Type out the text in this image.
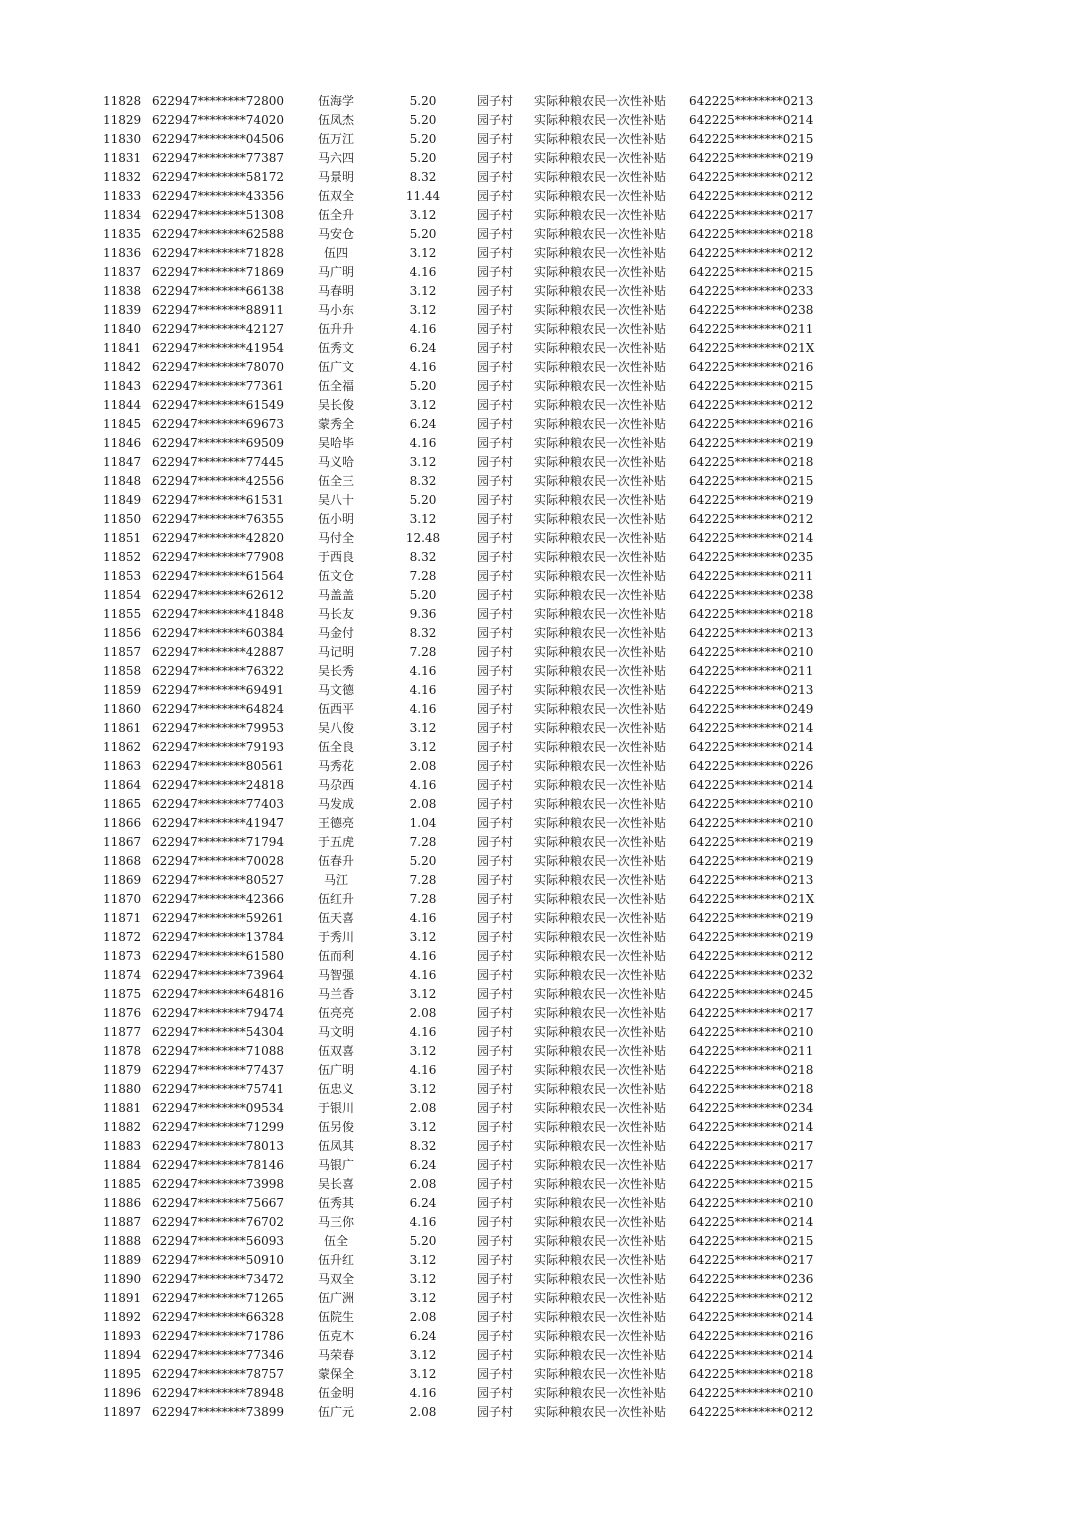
11828 622947********72800	伍海学	5.20	园子村	实际种粮农民一次性补贴	642225********0213
11829 622947********74020	伍凤杰	5.20	园子村	实际种粮农民一次性补贴	642225********0214
11830 622947********04506	伍万江	5.20	园子村	实际种粮农民一次性补贴	642225********0215
11831 622947********77387	马六四	5.20	园子村	实际种粮农民一次性补贴	642225********0219
11832 622947********58172	马景明	8.32	园子村	实际种粮农民一次性补贴	642225********0212
11833 622947********43356	伍双全	11.44	园子村	实际种粮农民一次性补贴	642225********0212
11834 622947********51308	伍全升	3.12	园子村	实际种粮农民一次性补贴	642225********0217
11835 622947********62588	马安仓	5.20	园子村	实际种粮农民一次性补贴	642225********0218
11836 622947********71828	伍四	3.12	园子村	实际种粮农民一次性补贴	642225********0212
11837 622947********71869	马广明	4.16	园子村	实际种粮农民一次性补贴	642225********0215
11838 622947********66138	马春明	3.12	园子村	实际种粮农民一次性补贴	642225********0233
11839 622947********88911	马小东	3.12	园子村	实际种粮农民一次性补贴	642225********0238
11840 622947********42127	伍升升	4.16	园子村	实际种粮农民一次性补贴	642225********0211
11841 622947********41954	伍秀文	6.24	园子村	实际种粮农民一次性补贴	642225********021X
11842 622947********78070	伍广文	4.16	园子村	实际种粮农民一次性补贴	642225********0216
11843 622947********77361	伍全福	5.20	园子村	实际种粮农民一次性补贴	642225********0215
11844 622947********61549	吴长俊	3.12	园子村	实际种粮农民一次性补贴	642225********0212
11845 622947********69673	蒙秀全	6.24	园子村	实际种粮农民一次性补贴	642225********0216
11846 622947********69509	吴哈毕	4.16	园子村	实际种粮农民一次性补贴	642225********0219
11847 622947********77445	马义哈	3.12	园子村	实际种粮农民一次性补贴	642225********0218
11848 622947********42556	伍全三	8.32	园子村	实际种粮农民一次性补贴	642225********0215
11849 622947********61531	吴八十	5.20	园子村	实际种粮农民一次性补贴	642225********0219
11850 622947********76355	伍小明	3.12	园子村	实际种粮农民一次性补贴	642225********0212
11851 622947********42820	马付全	12.48	园子村	实际种粮农民一次性补贴	642225********0214
11852 622947********77908	于西良	8.32	园子村	实际种粮农民一次性补贴	642225********0235
11853 622947********61564	伍文仓	7.28	园子村	实际种粮农民一次性补贴	642225********0211
11854 622947********62612	马盖盖	5.20	园子村	实际种粮农民一次性补贴	642225********0238
11855 622947********41848	马长友	9.36	园子村	实际种粮农民一次性补贴	642225********0218
11856 622947********60384	马金付	8.32	园子村	实际种粮农民一次性补贴	642225********0213
11857 622947********42887	马记明	7.28	园子村	实际种粮农民一次性补贴	642225********0210
11858 622947********76322	吴长秀	4.16	园子村	实际种粮农民一次性补贴	642225********0211
11859 622947********69491	马文德	4.16	园子村	实际种粮农民一次性补贴	642225********0213
11860 622947********64824	伍西平	4.16	园子村	实际种粮农民一次性补贴	642225********0249
11861 622947********79953	吴八俊	3.12	园子村	实际种粮农民一次性补贴	642225********0214
11862 622947********79193	伍全良	3.12	园子村	实际种粮农民一次性补贴	642225********0214
11863 622947********80561	马秀花	2.08	园子村	实际种粮农民一次性补贴	642225********0226
11864 622947********24818	马尕西	4.16	园子村	实际种粮农民一次性补贴	642225********0214
11865 622947********77403	马发成	2.08	园子村	实际种粮农民一次性补贴	642225********0210
11866 622947********41947	王德亮	1.04	园子村	实际种粮农民一次性补贴	642225********0210
11867 622947********71794	于五虎	7.28	园子村	实际种粮农民一次性补贴	642225********0219
11868 622947********70028	伍春升	5.20	园子村	实际种粮农民一次性补贴	642225********0219
11869 622947********80527	马江	7.28	园子村	实际种粮农民一次性补贴	642225********0213
11870 622947********42366	伍红升	7.28	园子村	实际种粮农民一次性补贴	642225********021X
11871 622947********59261	伍天喜	4.16	园子村	实际种粮农民一次性补贴	642225********0219
11872 622947********13784	于秀川	3.12	园子村	实际种粮农民一次性补贴	642225********0219
11873 622947********61580	伍而利	4.16	园子村	实际种粮农民一次性补贴	642225********0212
11874 622947********73964	马智强	4.16	园子村	实际种粮农民一次性补贴	642225********0232
11875 622947********64816	马兰香	3.12	园子村	实际种粮农民一次性补贴	642225********0245
11876 622947********79474	伍亮亮	2.08	园子村	实际种粮农民一次性补贴	642225********0217
11877 622947********54304	马文明	4.16	园子村	实际种粮农民一次性补贴	642225********0210
11878 622947********71088	伍双喜	3.12	园子村	实际种粮农民一次性补贴	642225********0211
11879 622947********77437	伍广明	4.16	园子村	实际种粮农民一次性补贴	642225********0218
11880 622947********75741	伍忠义	3.12	园子村	实际种粮农民一次性补贴	642225********0218
11881 622947********09534	于银川	2.08	园子村	实际种粮农民一次性补贴	642225********0234
11882 622947********71299	伍另俊	3.12	园子村	实际种粮农民一次性补贴	642225********0214
11883 622947********78013	伍凤其	8.32	园子村	实际种粮农民一次性补贴	642225********0217
11884 622947********78146	马银广	6.24	园子村	实际种粮农民一次性补贴	642225********0217
11885 622947********73998	吴长喜	2.08	园子村	实际种粮农民一次性补贴	642225********0215
11886 622947********75667	伍秀其	6.24	园子村	实际种粮农民一次性补贴	642225********0210
11887 622947********76702	马三你	4.16	园子村	实际种粮农民一次性补贴	642225********0214
11888 622947********56093	伍全	5.20	园子村	实际种粮农民一次性补贴	642225********0215
11889 622947********50910	伍升红	3.12	园子村	实际种粮农民一次性补贴	642225********0217
11890 622947********73472	马双全	3.12	园子村	实际种粮农民一次性补贴	642225********0236
11891 622947********71265	伍广洲	3.12	园子村	实际种粮农民一次性补贴	642225********0212
11892 622947********66328	伍院生	2.08	园子村	实际种粮农民一次性补贴	642225********0214
11893 622947********71786	伍克木	6.24	园子村	实际种粮农民一次性补贴	642225********0216
11894 622947********77346	马荣春	3.12	园子村	实际种粮农民一次性补贴	642225********0214
11895 622947********78757	蒙保全	3.12	园子村	实际种粮农民一次性补贴	642225********0218
11896 622947********78948	伍金明	4.16	园子村	实际种粮农民一次性补贴	642225********0210
11897 622947********73899	伍广元	2.08	园子村	实际种粮农民一次性补贴	642225********0212
